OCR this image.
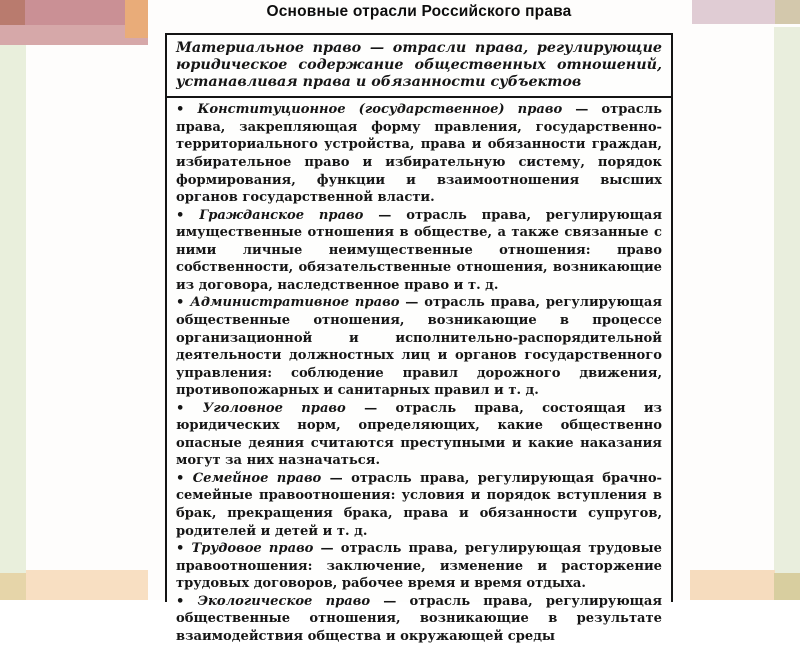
Основные отрасли Российского права
Материальное право — отрасли права, регулирующие юридическое содержание общественных отношений, устанавливая права и обязанности субъектов

• Конституционное (государственное) право — отрасль права, закрепляющая форму правления, государственно-территориального устройства, права и обязанности граждан, избирательное право и избирательную систему, порядок формирования, функции и взаимоотношения высших органов государственной власти.

• Гражданское право — отрасль права, регулирующая имущественные отношения в обществе, а также связанные с ними личные неимущественные отношения: право собственности, обязательственные отношения, возникающие из договора, наследственное право и т. д.

• Административное право — отрасль права, регулирующая общественные отношения, возникающие в процессе организационной и исполнительно-распорядительной деятельности должностных лиц и органов государственного управления: соблюдение правил дорожного движения, противопожарных и санитарных правил и т. д.

• Уголовное право — отрасль права, состоящая из юридических норм, определяющих, какие общественно опасные деяния считаются преступными и какие наказания могут за них назначаться.

• Семейное право — отрасль права, регулирующая брачно-семейные правоотношения: условия и порядок вступления в брак, прекращения брака, права и обязанности супругов, родителей и детей и т. д.

• Трудовое право — отрасль права, регулирующая трудовые правоотношения: заключение, изменение и расторжение трудовых договоров, рабочее время и время отдыха.

• Экологическое право — отрасль права, регулирующая общественные отношения, возникающие в результате взаимодействия общества и окружающей среды
